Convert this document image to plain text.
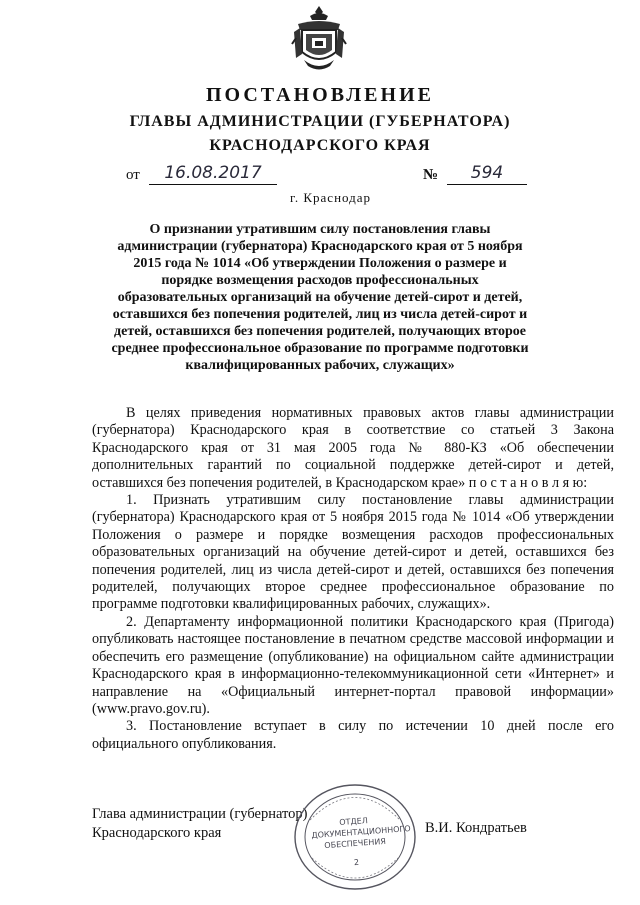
ПОСТАНОВЛЕНИЕ
ГЛАВЫ АДМИНИСТРАЦИИ (ГУБЕРНАТОРА)
КРАСНОДАРСКОГО КРАЯ
от	16.08.2017	№	594
г. Краснодар
О признании утратившим силу постановления главы администрации (губернатора) Краснодарского края от 5 ноября 2015 года № 1014 «Об утверждении Положения о размере и порядке возмещения расходов профессиональных образовательных организаций на обучение детей-сирот и детей, оставшихся без попечения родителей, лиц из числа детей-сирот и детей, оставшихся без попечения родителей, получающих второе среднее профессиональное образование по программе подготовки квалифицированных рабочих, служащих»

В целях приведения нормативных правовых актов главы администрации (губернатора) Краснодарского края в соответствие со статьей 3 Закона Краснодарского края от 31 мая 2005 года № 880-КЗ «Об обеспечении дополнительных гарантий по социальной поддержке детей-сирот и детей, оставшихся без попечения родителей, в Краснодарском крае» п о с т а н о в л я ю:

1. Признать утратившим силу постановление главы администрации (губернатора) Краснодарского края от 5 ноября 2015 года № 1014 «Об утверждении Положения о размере и порядке возмещения расходов профессиональных образовательных организаций на обучение детей-сирот и детей, оставшихся без попечения родителей, лиц из числа детей-сирот и детей, оставшихся без попечения родителей, получающих второе среднее профессиональное образование по программе подготовки квалифицированных рабочих, служащих».

2. Департаменту информационной политики Краснодарского края (Пригода) опубликовать настоящее постановление в печатном средстве массовой информации и обеспечить его размещение (опубликование) на официальном сайте администрации Краснодарского края в информационно-телекоммуникационной сети «Интернет» и направление на «Официальный интернет-портал правовой информации» (www.pravo.gov.ru).

3. Постановление вступает в силу по истечении 10 дней после его официального опубликования.

Глава администрации (губернатор)
Краснодарского края
ОТДЕЛ
ДОКУМЕНТАЦИОННОГО
ОБЕСПЕЧЕНИЯ
2
В.И. Кондратьев
